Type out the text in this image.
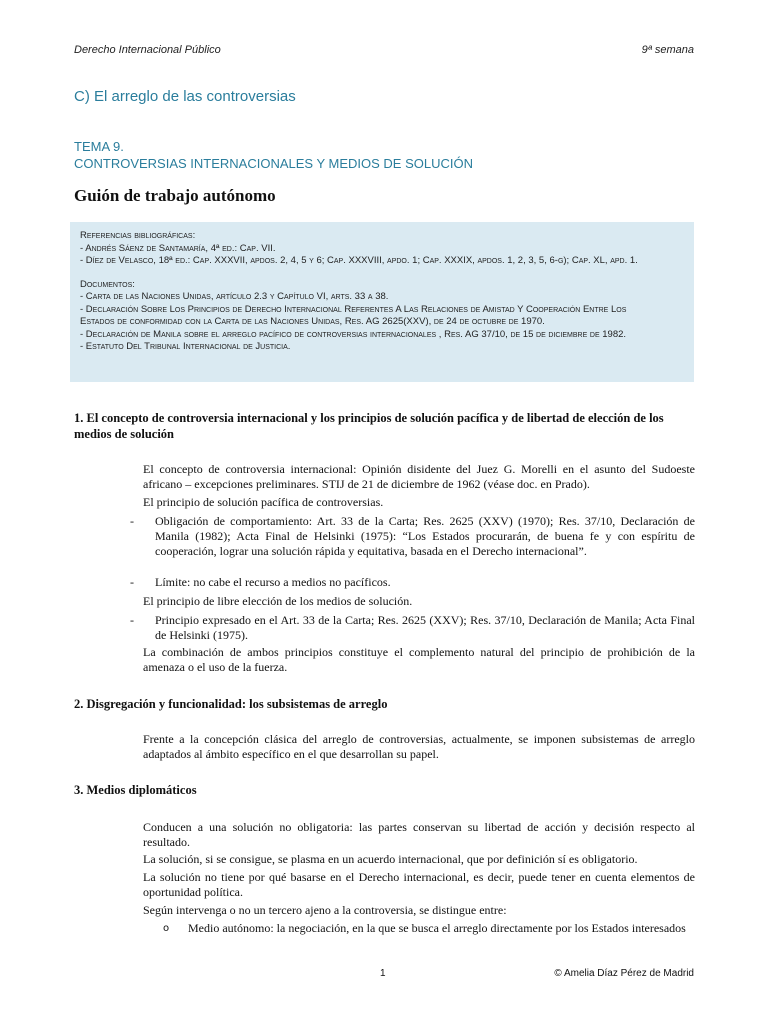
Derecho Internacional Público	9ª semana
C) El arreglo de las controversias
TEMA 9.
CONTROVERSIAS INTERNACIONALES Y MEDIOS DE SOLUCIÓN
Guión de trabajo autónomo
Referencias bibliográficas:
- Andrés Sáenz de Santamaría, 4ª ed.: Cap. VII.
- Díez de Velasco, 18ª ed.: Cap. XXXVII, apdos. 2, 4, 5 y 6; Cap. XXXVIII, apdo. 1; Cap. XXXIX, apdos. 1, 2, 3, 5, 6-g); Cap. XL, apd. 1.
Documentos:
- Carta de las Naciones Unidas, artículo 2.3 y Capítulo VI, arts. 33 a 38.
- Declaración Sobre Los Principios de Derecho Internacional Referentes A Las Relaciones de Amistad Y Cooperación Entre Los
Estados de conformidad con la Carta de las Naciones Unidas, Res. AG 2625(XXV), de 24 de octubre de 1970.
- Declaración de Manila sobre el arreglo pacífico de controversias internacionales , Res. AG 37/10, de 15 de diciembre de 1982.
- Estatuto Del Tribunal Internacional de Justicia.
1. El concepto de controversia internacional y los principios de solución pacífica y de libertad de elección de los medios de solución
El concepto de controversia internacional: Opinión disidente del Juez G. Morelli en el asunto del Sudoeste africano – excepciones preliminares. STIJ de 21 de diciembre de 1962 (véase doc. en Prado).
El principio de solución pacífica de controversias.
- Obligación de comportamiento: Art. 33 de la Carta; Res. 2625 (XXV) (1970); Res. 37/10, Declaración de Manila (1982); Acta Final de Helsinki (1975): “Los Estados procurarán, de buena fe y con espíritu de cooperación, lograr una solución rápida y equitativa, basada en el Derecho internacional”.
- Límite: no cabe el recurso a medios no pacíficos.
El principio de libre elección de los medios de solución.
- Principio expresado en el Art. 33 de la Carta; Res. 2625 (XXV); Res. 37/10, Declaración de Manila; Acta Final de Helsinki (1975).
La combinación de ambos principios constituye el complemento natural del principio de prohibición de la amenaza o el uso de la fuerza.
2. Disgregación y funcionalidad: los subsistemas de arreglo
Frente a la concepción clásica del arreglo de controversias, actualmente, se imponen subsistemas de arreglo adaptados al ámbito específico en el que desarrollan su papel.
3. Medios diplomáticos
Conducen a una solución no obligatoria: las partes conservan su libertad de acción y decisión respecto al resultado.
La solución, si se consigue, se plasma en un acuerdo internacional, que por definición sí es obligatorio.
La solución no tiene por qué basarse en el Derecho internacional, es decir, puede tener en cuenta elementos de oportunidad política.
Según intervenga o no un tercero ajeno a la controversia, se distingue entre:
o Medio autónomo: la negociación, en la que se busca el arreglo directamente por los Estados interesados
1	© Amelia Díaz Pérez de Madrid
